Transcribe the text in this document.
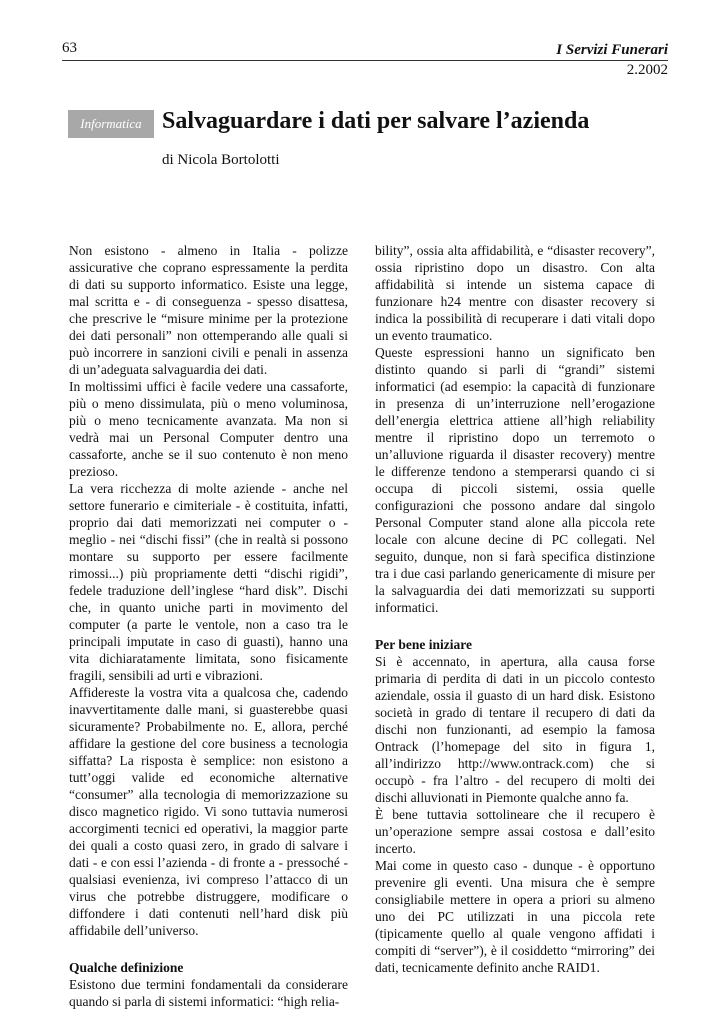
63	I Servizi Funerari
2.2002
Informatica Salvaguardare i dati per salvare l’azienda
di Nicola Bortolotti

Non esistono - almeno in Italia - polizze assicurative che coprano espressamente la perdita di dati su supporto informatico. Esiste una legge, mal scritta e - di conseguenza - spesso disattesa, che prescrive le “misure minime per la protezione dei dati personali” non ottemperando alle quali si può incorrere in sanzioni civili e penali in assenza di un’adeguata salvaguardia dei dati.

In moltissimi uffici è facile vedere una cassaforte, più o meno dissimulata, più o meno voluminosa, più o meno tecnicamente avanzata. Ma non si vedrà mai un Personal Computer dentro una cassaforte, anche se il suo contenuto è non meno prezioso.

La vera ricchezza di molte aziende - anche nel settore funerario e cimiteriale - è costituita, infatti, proprio dai dati memorizzati nei computer o - meglio - nei “dischi fissi” (che in realtà si possono montare su supporto per essere facilmente rimossi...) più propriamente detti “dischi rigidi”, fedele traduzione dell’inglese “hard disk”. Dischi che, in quanto uniche parti in movimento del computer (a parte le ventole, non a caso tra le principali imputate in caso di guasti), hanno una vita dichiaratamente limitata, sono fisicamente fragili, sensibili ad urti e vibrazioni.

Affidereste la vostra vita a qualcosa che, cadendo inavvertitamente dalle mani, si guasterebbe quasi sicuramente? Probabilmente no. E, allora, perché affidare la gestione del core business a tecnologia siffatta? La risposta è semplice: non esistono a tutt’oggi valide ed economiche alternative “consumer” alla tecnologia di memorizzazione su disco magnetico rigido. Vi sono tuttavia numerosi accorgimenti tecnici ed operativi, la maggior parte dei quali a costo quasi zero, in grado di salvare i dati - e con essi l’azienda - di fronte a - pressoché - qualsiasi evenienza, ivi compreso l’attacco di un virus che potrebbe distruggere, modificare o diffondere i dati contenuti nell’hard disk più affidabile dell’universo.

Qualche definizione

Esistono due termini fondamentali da considerare quando si parla di sistemi informatici: “high relia-

bility”, ossia alta affidabilità, e “disaster recovery”, ossia ripristino dopo un disastro. Con alta affidabilità si intende un sistema capace di funzionare h24 mentre con disaster recovery si indica la possibilità di recuperare i dati vitali dopo un evento traumatico.

Queste espressioni hanno un significato ben distinto quando si parli di “grandi” sistemi informatici (ad esempio: la capacità di funzionare in presenza di un’interruzione nell’erogazione dell’energia elettrica attiene all’high reliability mentre il ripristino dopo un terremoto o un’alluvione riguarda il disaster recovery) mentre le differenze tendono a stemperarsi quando ci si occupa di piccoli sistemi, ossia quelle configurazioni che possono andare dal singolo Personal Computer stand alone alla piccola rete locale con alcune decine di PC collegati. Nel seguito, dunque, non si farà specifica distinzione tra i due casi parlando genericamente di misure per la salvaguardia dei dati memorizzati su supporti informatici.

Per bene iniziare

Si è accennato, in apertura, alla causa forse primaria di perdita di dati in un piccolo contesto aziendale, ossia il guasto di un hard disk. Esistono società in grado di tentare il recupero di dati da dischi non funzionanti, ad esempio la famosa Ontrack (l’homepage del sito in figura 1, all’indirizzo http://www.ontrack.com) che si occupò - fra l’altro - del recupero di molti dei dischi alluvionati in Piemonte qualche anno fa.

È bene tuttavia sottolineare che il recupero è un’operazione sempre assai costosa e dall’esito incerto.

Mai come in questo caso - dunque - è opportuno prevenire gli eventi. Una misura che è sempre consigliabile mettere in opera a priori su almeno uno dei PC utilizzati in una piccola rete (tipicamente quello al quale vengono affidati i compiti di “server”), è il cosiddetto “mirroring” dei dati, tecnicamente definito anche RAID1.
